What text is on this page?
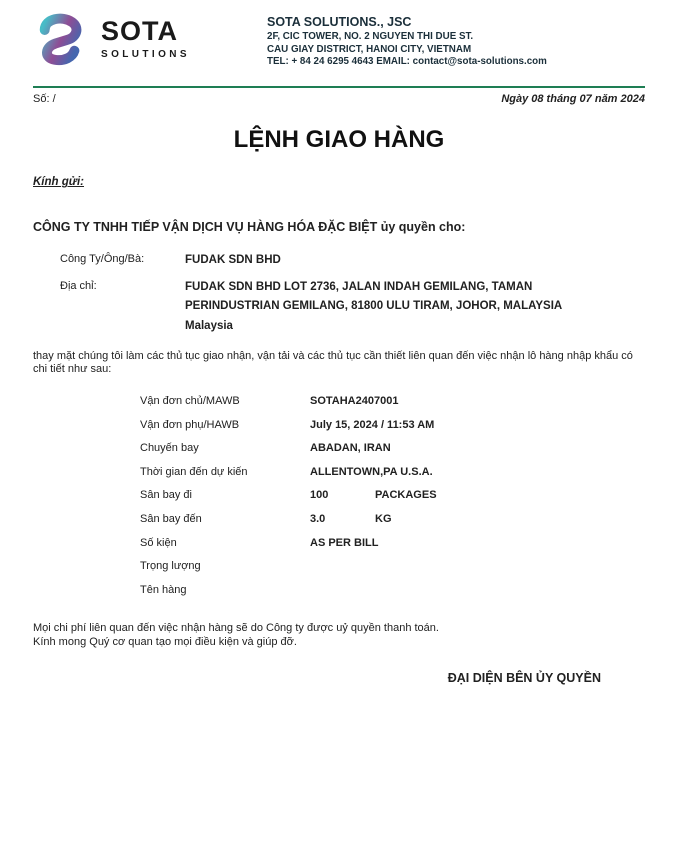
SOTA
SOLUTIONS
SOTA SOLUTIONS., JSC
2F, CIC TOWER, NO. 2 NGUYEN THI DUE ST.
CAU GIAY DISTRICT, HANOI CITY, VIETNAM
TEL: + 84 24 6295 4643 EMAIL: contact@sota-solutions.com
Số: /	Ngày 08 tháng 07 năm 2024
LỆNH GIAO HÀNG
Kính gửi:
CÔNG TY TNHH TIẾP VẬN DỊCH VỤ HÀNG HÓA ĐẶC BIỆT ủy quyền cho:
Công Ty/Ông/Bà:	FUDAK SDN BHD
Địa chỉ:	FUDAK SDN BHD LOT 2736, JALAN INDAH GEMILANG, TAMAN PERINDUSTRIAN GEMILANG, 81800 ULU TIRAM, JOHOR, MALAYSIA
Malaysia

thay mặt chúng tôi làm các thủ tục giao nhận, vận tải và các thủ tục cần thiết liên quan đến việc nhận lô hàng nhập khẩu có chi tiết như sau:

Vận đơn chủ/MAWB	SOTAHA2407001
Vận đơn phụ/HAWB	July 15, 2024 / 11:53 AM
Chuyến bay	ABADAN, IRAN
Thời gian đến dự kiến	ALLENTOWN,PA U.S.A.
Sân bay đi	100	PACKAGES
Sân bay đến	3.0	KG
Số kiện	AS PER BILL
Trọng lượng
Tên hàng

Mọi chi phí liên quan đến việc nhận hàng sẽ do Công ty được uỷ quyền thanh toán.
Kính mong Quý cơ quan tạo mọi điều kiện và giúp đỡ.

ĐẠI DIỆN BÊN ỦY QUYỀN
